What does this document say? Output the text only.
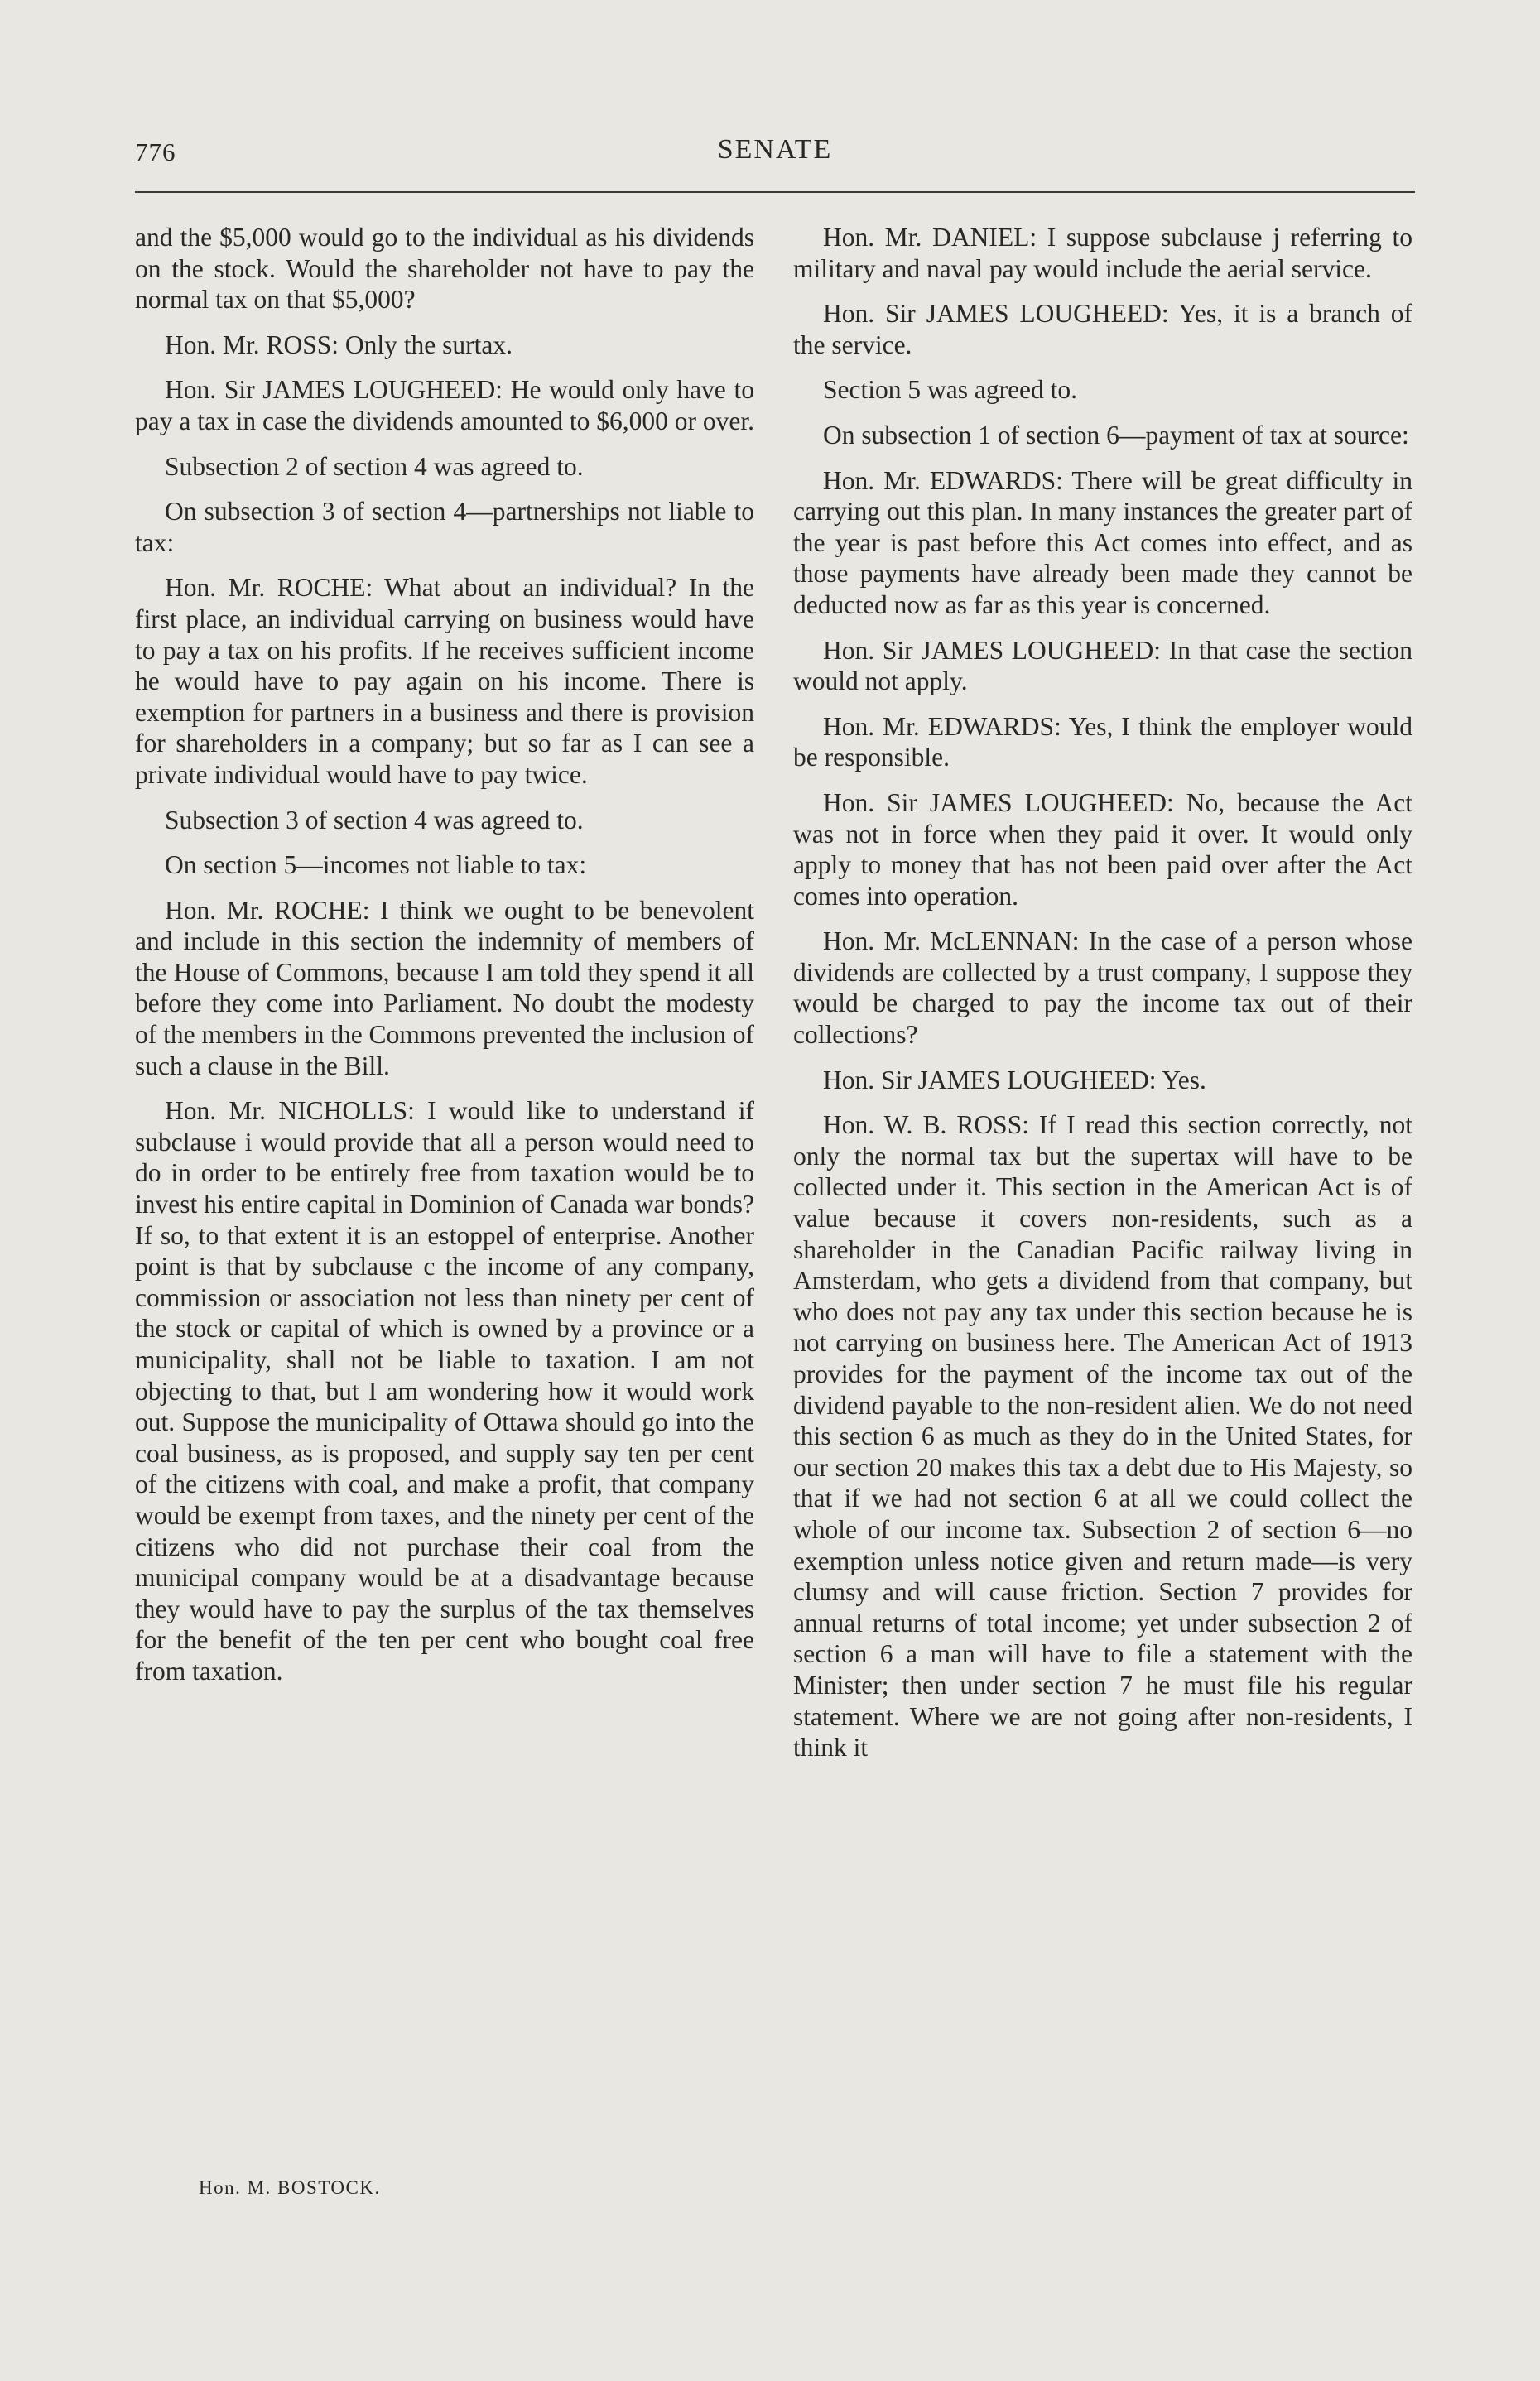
776	SENATE

and the $5,000 would go to the individual as his dividends on the stock. Would the shareholder not have to pay the normal tax on that $5,000?

Hon. Mr. ROSS: Only the surtax.

Hon. Sir JAMES LOUGHEED: He would only have to pay a tax in case the dividends amounted to $6,000 or over.

Subsection 2 of section 4 was agreed to.

On subsection 3 of section 4—partnerships not liable to tax:

Hon. Mr. ROCHE: What about an individual? In the first place, an individual carrying on business would have to pay a tax on his profits. If he receives sufficient income he would have to pay again on his income. There is exemption for partners in a business and there is provision for shareholders in a company; but so far as I can see a private individual would have to pay twice.

Subsection 3 of section 4 was agreed to.

On section 5—incomes not liable to tax:

Hon. Mr. ROCHE: I think we ought to be benevolent and include in this section the indemnity of members of the House of Commons, because I am told they spend it all before they come into Parliament. No doubt the modesty of the members in the Commons prevented the inclusion of such a clause in the Bill.

Hon. Mr. NICHOLLS: I would like to understand if subclause i would provide that all a person would need to do in order to be entirely free from taxation would be to invest his entire capital in Dominion of Canada war bonds? If so, to that extent it is an estoppel of enterprise. Another point is that by subclause c the income of any company, commission or association not less than ninety per cent of the stock or capital of which is owned by a province or a municipality, shall not be liable to taxation. I am not objecting to that, but I am wondering how it would work out. Suppose the municipality of Ottawa should go into the coal business, as is proposed, and supply say ten per cent of the citizens with coal, and make a profit, that company would be exempt from taxes, and the ninety per cent of the citizens who did not purchase their coal from the municipal company would be at a disadvantage because they would have to pay the surplus of the tax themselves for the benefit of the ten per cent who bought coal free from taxation.

Hon. Mr. DANIEL: I suppose subclause j referring to military and naval pay would include the aerial service.

Hon. Sir JAMES LOUGHEED: Yes, it is a branch of the service.

Section 5 was agreed to.

On subsection 1 of section 6—payment of tax at source:

Hon. Mr. EDWARDS: There will be great difficulty in carrying out this plan. In many instances the greater part of the year is past before this Act comes into effect, and as those payments have already been made they cannot be deducted now as far as this year is concerned.

Hon. Sir JAMES LOUGHEED: In that case the section would not apply.

Hon. Mr. EDWARDS: Yes, I think the employer would be responsible.

Hon. Sir JAMES LOUGHEED: No, because the Act was not in force when they paid it over. It would only apply to money that has not been paid over after the Act comes into operation.

Hon. Mr. McLENNAN: In the case of a person whose dividends are collected by a trust company, I suppose they would be charged to pay the income tax out of their collections?

Hon. Sir JAMES LOUGHEED: Yes.

Hon. W. B. ROSS: If I read this section correctly, not only the normal tax but the supertax will have to be collected under it. This section in the American Act is of value because it covers non-residents, such as a shareholder in the Canadian Pacific railway living in Amsterdam, who gets a dividend from that company, but who does not pay any tax under this section because he is not carrying on business here. The American Act of 1913 provides for the payment of the income tax out of the dividend payable to the non-resident alien. We do not need this section 6 as much as they do in the United States, for our section 20 makes this tax a debt due to His Majesty, so that if we had not section 6 at all we could collect the whole of our income tax. Subsection 2 of section 6—no exemption unless notice given and return made—is very clumsy and will cause friction. Section 7 provides for annual returns of total income; yet under subsection 2 of section 6 a man will have to file a statement with the Minister; then under section 7 he must file his regular statement. Where we are not going after non-residents, I think it

Hon. M. BOSTOCK.
